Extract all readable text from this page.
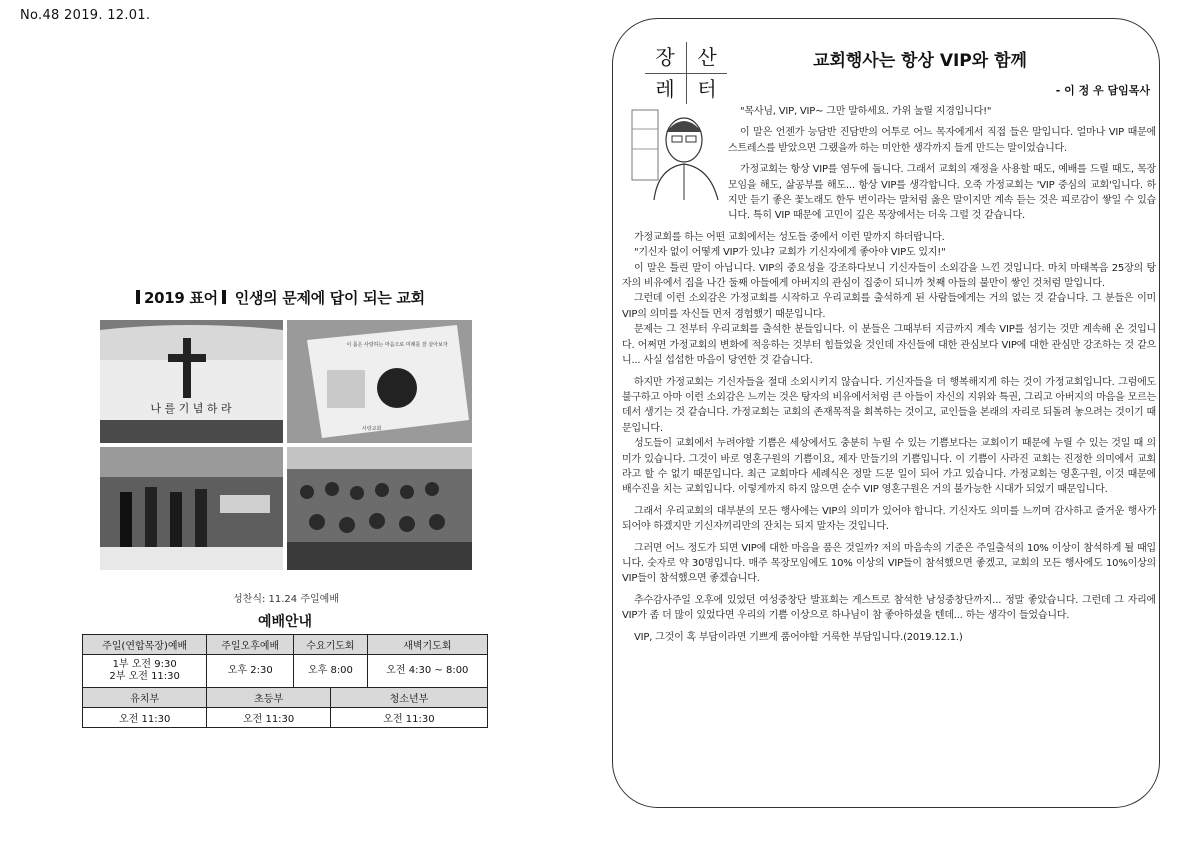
No.48 2019. 12.01.
2019 표어 인생의 문제에 답이 되는 교회
나 를 기 념 하 라
이 몸은 사랑하는 마음으로 미래를 잘 살아보자
사랑교회
성찬식: 11.24 주일예배
예배안내
주일(연합목장)예배	주일오후예배	수요기도회		새벽기도회
1부 오전 9:30
2부 오전 11:30	오후 2:30	오후 8:00		오전 4:30 ~ 8:00
유치부	초등부		청소년부	
오전 11:30	오전 11:30		오전 11:30	
장	산
레	터
교회행사는 항상 VIP와 함께
- 이 정 우 담임목사

"목사님, VIP, VIP~ 그만 말하세요. 가위 눌릴 지경입니다!"

이 말은 언젠가 능담반 진담반의 어투로 어느 목자에게서 직접 들은 말입니다. 얼마나 VIP 때문에 스트레스를 받았으면 그랬을까 하는 미안한 생각까지 들게 만드는 말이었습니다.

가정교회는 항상 VIP를 염두에 둡니다. 그래서 교회의 재정을 사용할 때도, 예배를 드릴 때도, 목장모임을 해도, 삶공부를 해도... 항상 VIP를 생각합니다. 오죽 가정교회는 'VIP 중심의 교회'입니다. 하지만 듣기 좋은 꽃노래도 한두 번이라는 말처럼 옳은 말이지만 계속 듣는 것은 피로감이 쌓일 수 있습니다. 특히 VIP 때문에 고민이 깊은 목장에서는 더욱 그럴 것 같습니다.

가정교회를 하는 어떤 교회에서는 성도들 중에서 이런 말까지 하더랍니다.

"기신자 없이 어떻게 VIP가 있냐? 교회가 기신자에게 좋아야 VIP도 있지!"

이 말은 틀린 말이 아닙니다. VIP의 중요성을 강조하다보니 기신자들이 소외감을 느낀 것입니다. 마치 마태복음 25장의 탕자의 비유에서 집을 나간 둘째 아들에게 아버지의 관심이 집중이 되니까 첫째 아들의 불만이 쌓인 것처럼 말입니다.

그런데 이런 소외감은 가정교회를 시작하고 우리교회를 출석하게 된 사람들에게는 거의 없는 것 같습니다. 그 분들은 이미 VIP의 의미를 자신들 먼저 경험했기 때문입니다.

문제는 그 전부터 우리교회를 출석한 분들입니다. 이 분들은 그때부터 지금까지 계속 VIP를 섬기는 것만 계속해 온 것입니다. 어쩌면 가정교회의 변화에 적응하는 것부터 힘들었을 것인데 자신들에 대한 관심보다 VIP에 대한 관심만 강조하는 것 같으니... 사실 섭섭한 마음이 당연한 것 같습니다.

하지만 가정교회는 기신자들을 절대 소외시키지 않습니다. 기신자들을 더 행복해지게 하는 것이 가정교회입니다. 그럼에도 불구하고 아마 이런 소외감은 느끼는 것은 탕자의 비유에서처럼 큰 아들이 자신의 지위와 특권, 그리고 아버지의 마음을 모르는데서 생기는 것 같습니다. 가정교회는 교회의 존재목적을 회복하는 것이고, 교인들을 본래의 자리로 되돌려 놓으려는 것이기 때문입니다.

성도들이 교회에서 누려야할 기쁨은 세상에서도 충분히 누릴 수 있는 기쁨보다는 교회이기 때문에 누릴 수 있는 것일 때 의미가 있습니다. 그것이 바로 영혼구원의 기쁨이요, 제자 만들기의 기쁨입니다. 이 기쁨이 사라진 교회는 진정한 의미에서 교회라고 할 수 없기 때문입니다. 최근 교회마다 세례식은 정말 드문 일이 되어 가고 있습니다. 가정교회는 영혼구원, 이것 때문에 배수진을 치는 교회입니다. 이렇게까지 하지 않으면 순수 VIP 영혼구원은 거의 불가능한 시대가 되었기 때문입니다.

그래서 우리교회의 대부분의 모든 행사에는 VIP의 의미가 있어야 합니다. 기신자도 의미를 느끼며 감사하고 즐거운 행사가 되어야 하겠지만 기신자끼리만의 잔치는 되지 말자는 것입니다.

그러면 어느 정도가 되면 VIP에 대한 마음을 품은 것일까? 저의 마음속의 기준은 주일출석의 10% 이상이 참석하게 될 때입니다. 숫자로 약 30명입니다. 매주 목장모임에도 10% 이상의 VIP들이 참석했으면 좋겠고, 교회의 모든 행사에도 10%이상의 VIP들이 참석했으면 좋겠습니다.

추수감사주일 오후에 있었던 여성중창단 발표회는 게스트로 참석한 남성중창단까지... 정말 좋았습니다. 그런데 그 자리에 VIP가 좀 더 많이 있었다면 우리의 기쁨 이상으로 하나님이 참 좋아하셨을 텐데... 하는 생각이 들었습니다.

VIP, 그것이 혹 부담이라면 기쁘게 품어야할 거룩한 부담입니다.(2019.12.1.)
